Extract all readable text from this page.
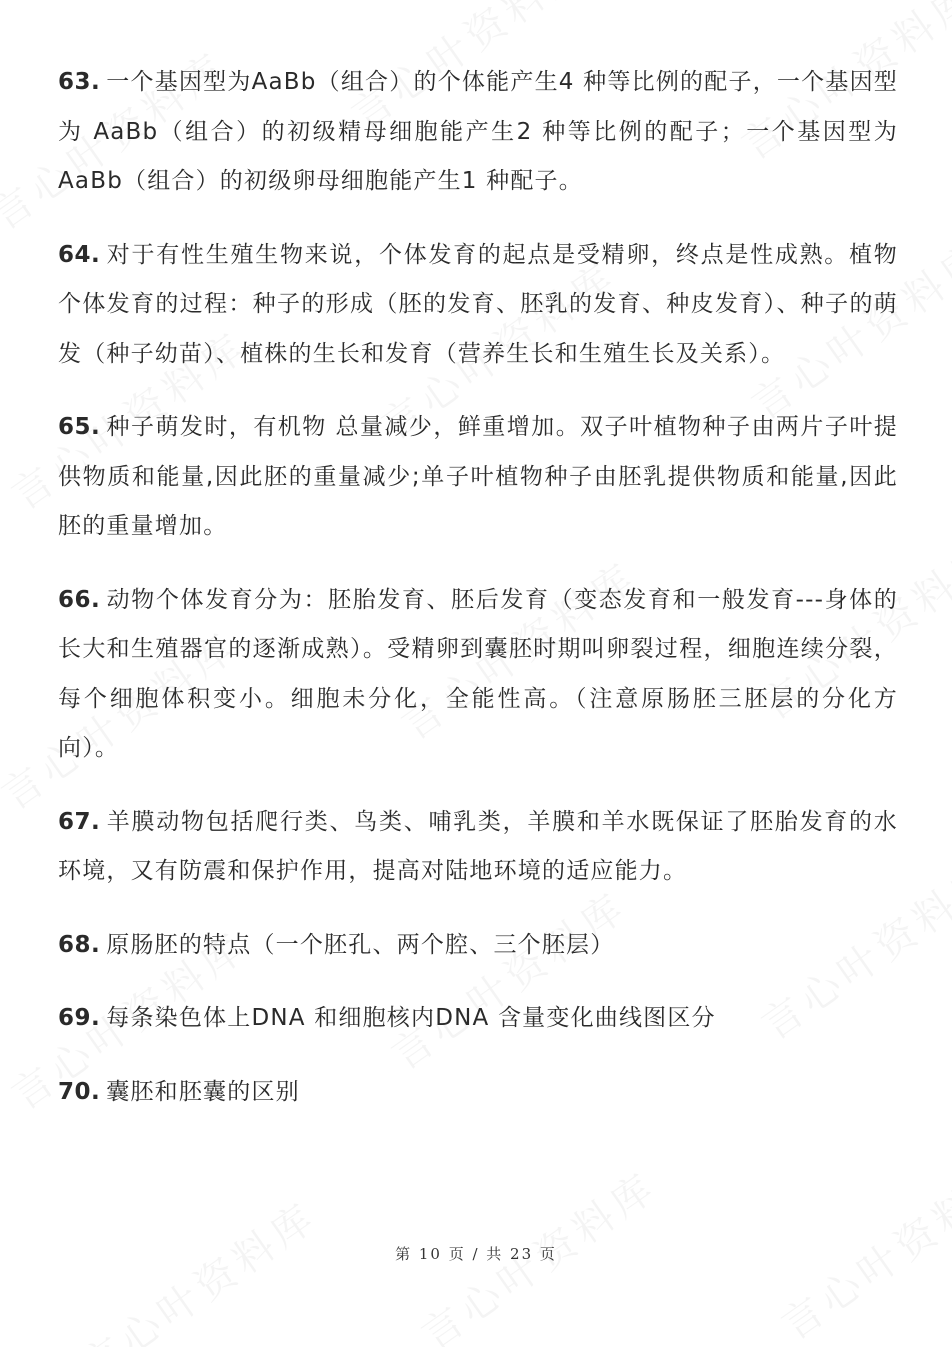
63. 一个基因型为AaBb（组合）的个体能产生4 种等比例的配子，一个基因型为 AaBb（组合）的初级精母细胞能产生2 种等比例的配子；一个基因型为 AaBb（组合）的初级卵母细胞能产生1 种配子。

64. 对于有性生殖生物来说，个体发育的起点是受精卵，终点是性成熟。植物个体发育的过程：种子的形成（胚的发育、胚乳的发育、种皮发育）、种子的萌发（种子幼苗）、植株的生长和发育（营养生长和生殖生长及关系）。

65. 种子萌发时，有机物 总量减少，鲜重增加。双子叶植物种子由两片子叶提供物质和能量,因此胚的重量减少;单子叶植物种子由胚乳提供物质和能量,因此胚的重量增加。

66. 动物个体发育分为：胚胎发育、胚后发育（变态发育和一般发育---身体的长大和生殖器官的逐渐成熟）。受精卵到囊胚时期叫卵裂过程，细胞连续分裂，每个细胞体积变小。细胞未分化，全能性高。（注意原肠胚三胚层的分化方向）。

67. 羊膜动物包括爬行类、鸟类、哺乳类，羊膜和羊水既保证了胚胎发育的水环境，又有防震和保护作用，提高对陆地环境的适应能力。

68. 原肠胚的特点（一个胚孔、两个腔、三个胚层）

69. 每条染色体上DNA 和细胞核内DNA 含量变化曲线图区分

70. 囊胚和胚囊的区别

第 10 页 / 共 23 页
